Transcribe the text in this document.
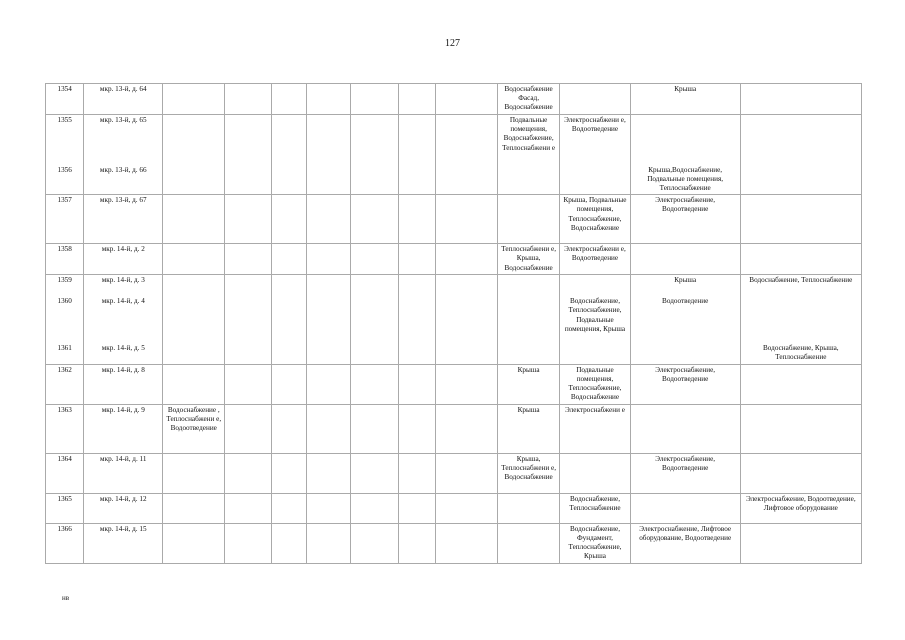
127
1354	мкр. 13-й, д. 64								Водоснабжение Фасад, Водоснабжение		Крыша	
1355	мкр. 13-й, д. 65								Подвальные помещения, Водоснабжение, Теплоснабжени е	Электроснабжени е, Водоотведение		
1356	мкр. 13-й, д. 66										Крыша,Водоснабжение, Подвальные помещения, Теплоснабжение	
1357	мкр. 13-й, д. 67									Крыша, Подвальные помещения, Теплоснабжение, Водоснабжение	Электроснабжение, Водоотведение	
1358	мкр. 14-й, д. 2								Теплоснабжени е, Крыша, Водоснабжение	Электроснабжени е, Водоотведение		
1359	мкр. 14-й, д. 3										Крыша	Водоснабжение, Теплоснабжение
1360	мкр. 14-й, д. 4									Водоснабжение, Теплоснабжение, Подвальные помещения, Крыша	Водоотведение	
1361	мкр. 14-й, д. 5											Водоснабжение, Крыша, Теплоснабжение
1362	мкр. 14-й, д. 8								Крыша	Подвальные помещения, Теплоснабжение, Водоснабжение	Электроснабжение, Водоотведение	
1363	мкр. 14-й, д. 9	Водоснабжение , Теплоснабжени е, Водоотведение							Крыша	Электроснабжени е		
1364	мкр. 14-й, д. 11								Крыша, Теплоснабжени е, Водоснабжение		Электроснабжение, Водоотведение	
1365	мкр. 14-й, д. 12									Водоснабжение, Теплоснабжение		Электроснабжение, Водоотведение, Лифтовое оборудование
1366	мкр. 14-й, д. 15									Водоснабжение, Фундамент, Теплоснабжение, Крыша	Электроснабжение, Лифтовое оборудование, Водоотведение	
нв
